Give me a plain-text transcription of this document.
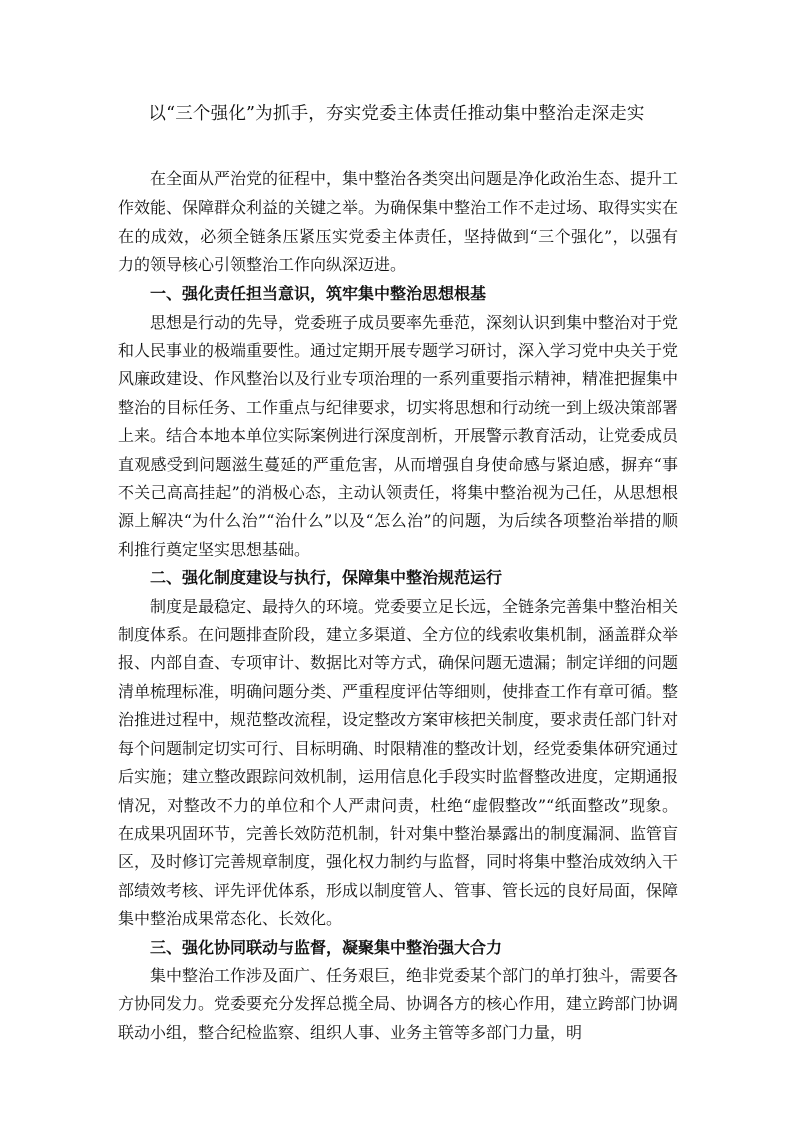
以“三个强化”为抓手，夯实党委主体责任推动集中整治走深走实

在全面从严治党的征程中，集中整治各类突出问题是净化政治生态、提升工作效能、保障群众利益的关键之举。为确保集中整治工作不走过场、取得实实在在的成效，必须全链条压紧压实党委主体责任，坚持做到“三个强化”，以强有力的领导核心引领整治工作向纵深迈进。

一、强化责任担当意识，筑牢集中整治思想根基

思想是行动的先导，党委班子成员要率先垂范，深刻认识到集中整治对于党和人民事业的极端重要性。通过定期开展专题学习研讨，深入学习党中央关于党风廉政建设、作风整治以及行业专项治理的一系列重要指示精神，精准把握集中整治的目标任务、工作重点与纪律要求，切实将思想和行动统一到上级决策部署上来。结合本地本单位实际案例进行深度剖析，开展警示教育活动，让党委成员直观感受到问题滋生蔓延的严重危害，从而增强自身使命感与紧迫感，摒弃“事不关己高高挂起”的消极心态，主动认领责任，将集中整治视为己任，从思想根源上解决“为什么治”“治什么”以及“怎么治”的问题，为后续各项整治举措的顺利推行奠定坚实思想基础。

二、强化制度建设与执行，保障集中整治规范运行

制度是最稳定、最持久的环境。党委要立足长远，全链条完善集中整治相关制度体系。在问题排查阶段，建立多渠道、全方位的线索收集机制，涵盖群众举报、内部自查、专项审计、数据比对等方式，确保问题无遗漏；制定详细的问题清单梳理标准，明确问题分类、严重程度评估等细则，使排查工作有章可循。整治推进过程中，规范整改流程，设定整改方案审核把关制度，要求责任部门针对每个问题制定切实可行、目标明确、时限精准的整改计划，经党委集体研究通过后实施；建立整改跟踪问效机制，运用信息化手段实时监督整改进度，定期通报情况，对整改不力的单位和个人严肃问责，杜绝“虚假整改”“纸面整改”现象。在成果巩固环节，完善长效防范机制，针对集中整治暴露出的制度漏洞、监管盲区，及时修订完善规章制度，强化权力制约与监督，同时将集中整治成效纳入干部绩效考核、评先评优体系，形成以制度管人、管事、管长远的良好局面，保障集中整治成果常态化、长效化。

三、强化协同联动与监督，凝聚集中整治强大合力

集中整治工作涉及面广、任务艰巨，绝非党委某个部门的单打独斗，需要各方协同发力。党委要充分发挥总揽全局、协调各方的核心作用，建立跨部门协调联动小组，整合纪检监察、组织人事、业务主管等多部门力量，明
